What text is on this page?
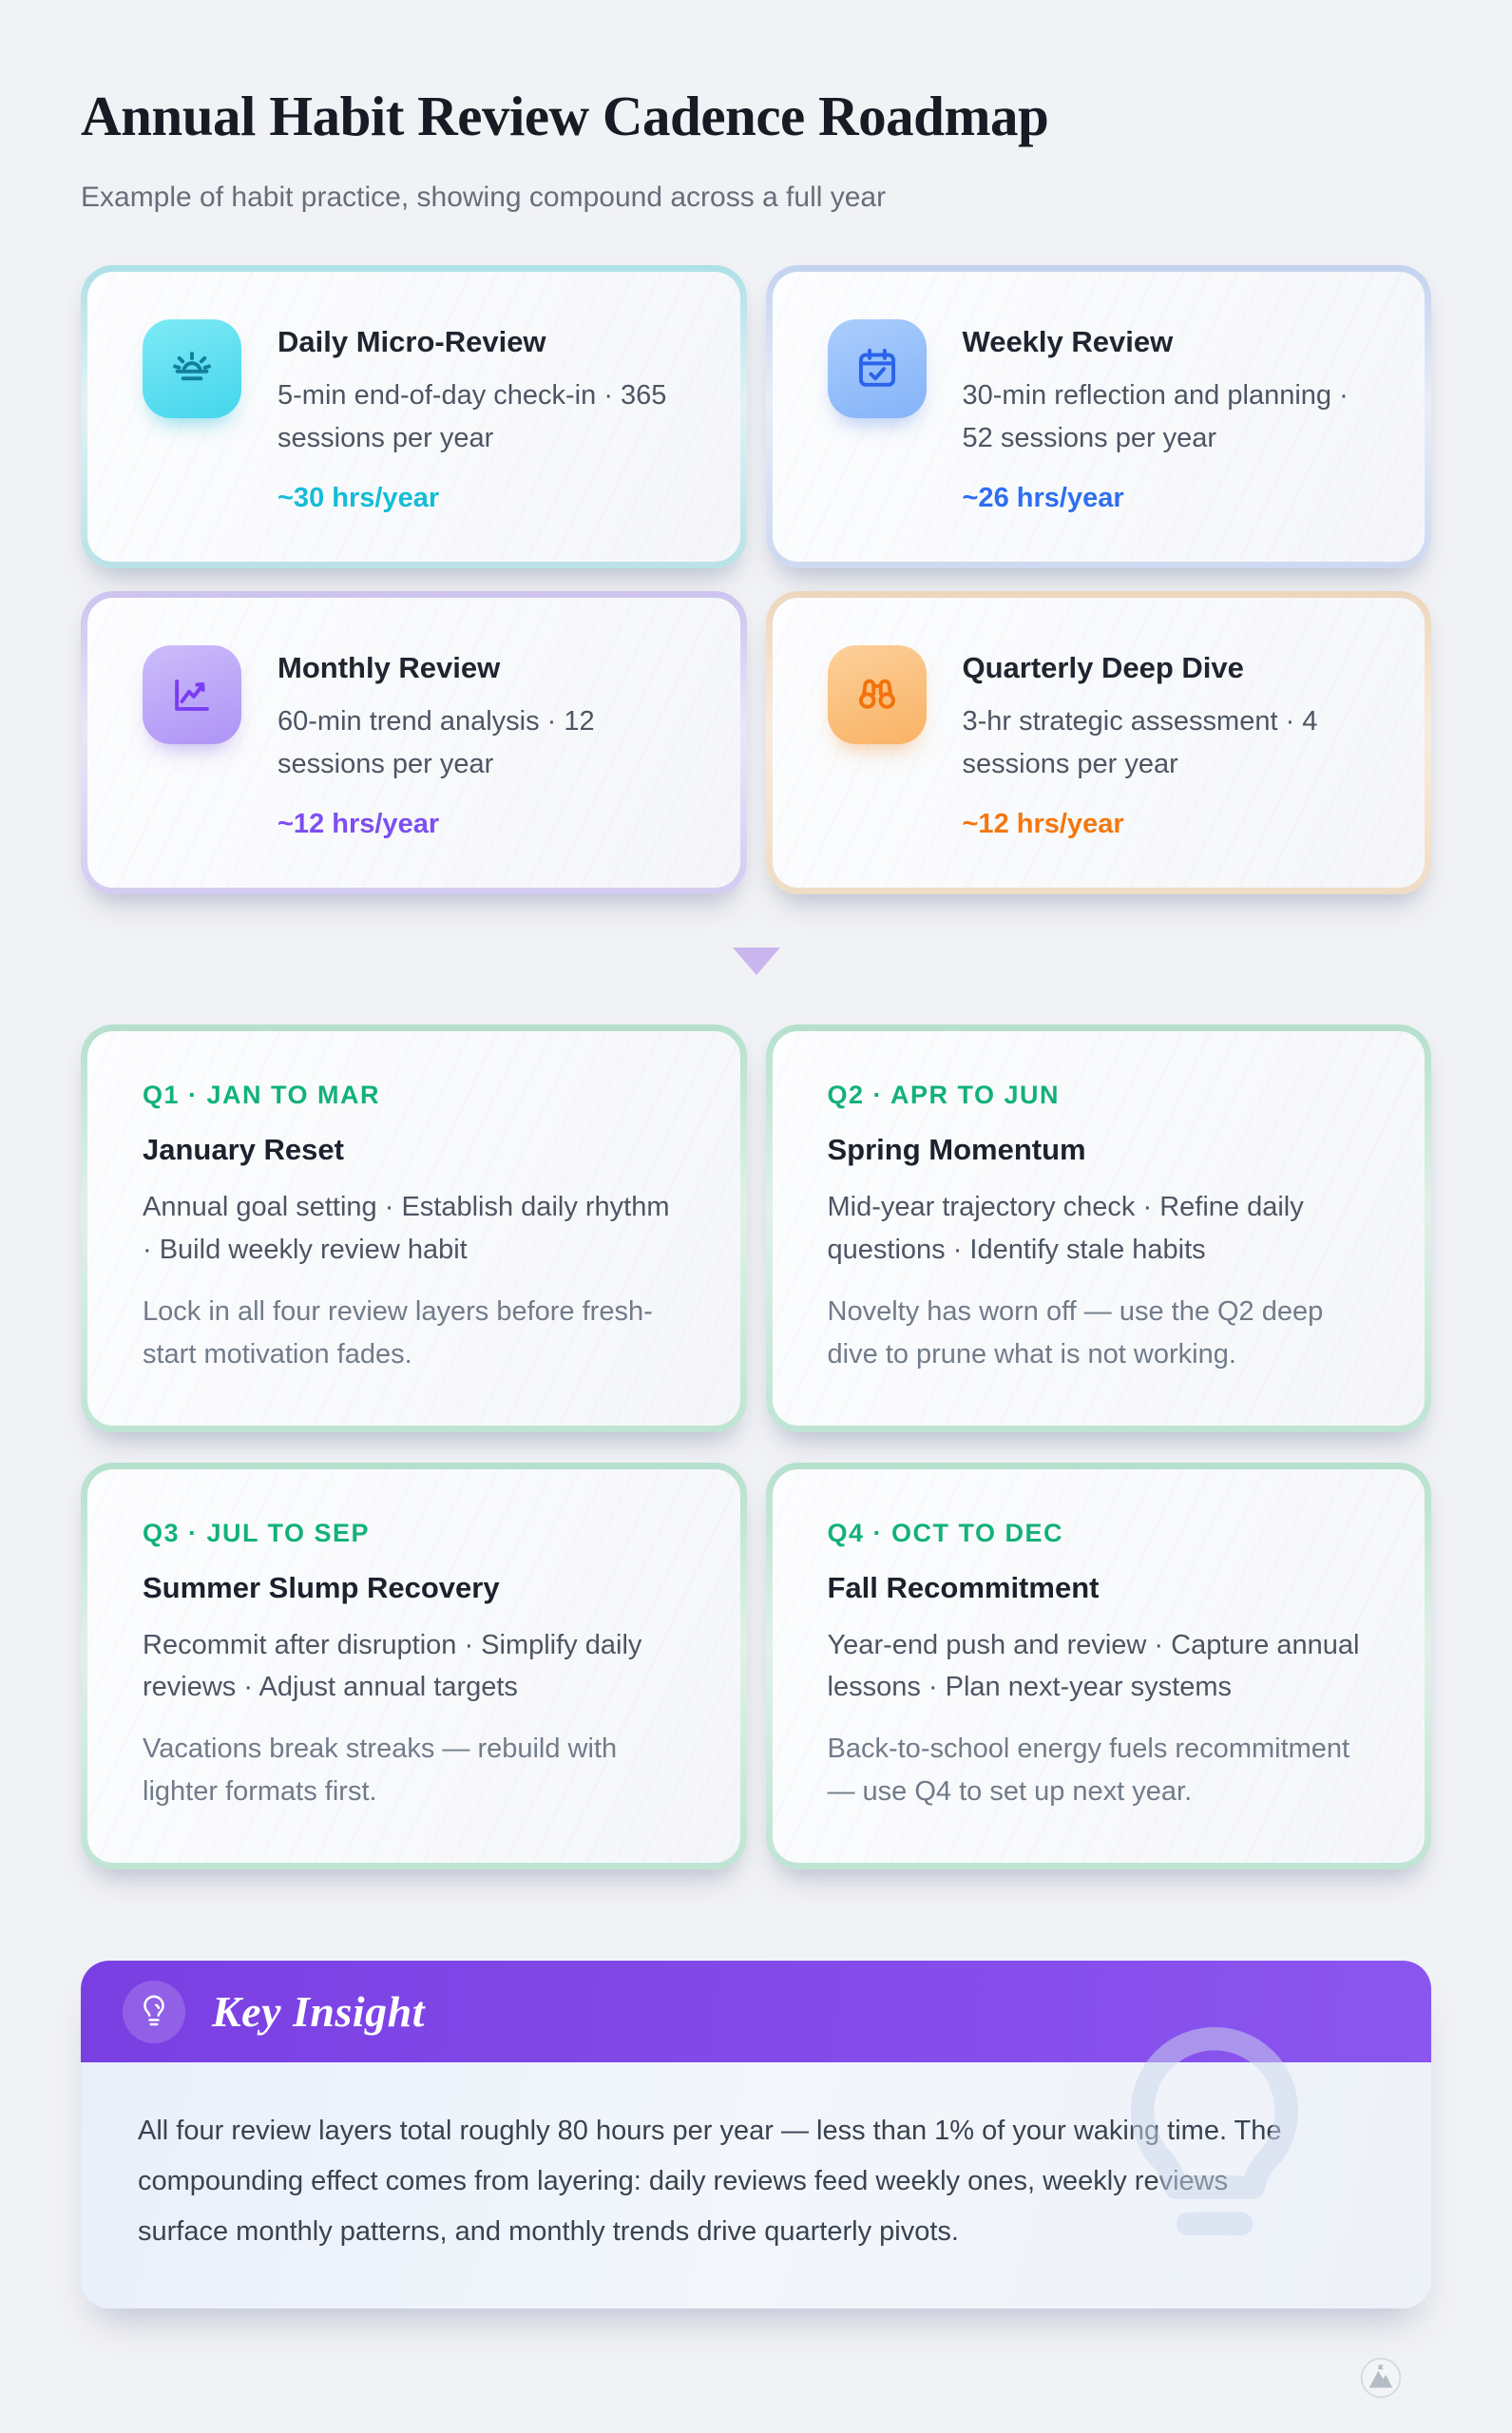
Annual Habit Review Cadence Roadmap

Example of habit practice, showing compound across a full year

Daily Micro-Review

5-min end-of-day check-in · 365 sessions per year

~30 hrs/year

Weekly Review

30-min reflection and planning · 52 sessions per year

~26 hrs/year

Monthly Review

60-min trend analysis · 12 sessions per year

~12 hrs/year

Quarterly Deep Dive

3-hr strategic assessment · 4 sessions per year

~12 hrs/year

Q1 · JAN TO MAR
January Reset

Annual goal setting · Establish daily rhythm · Build weekly review habit

Lock in all four review layers before fresh-start motivation fades.

Q2 · APR TO JUN
Spring Momentum

Mid-year trajectory check · Refine daily questions · Identify stale habits

Novelty has worn off — use the Q2 deep dive to prune what is not working.

Q3 · JUL TO SEP
Summer Slump Recovery

Recommit after disruption · Simplify daily reviews · Adjust annual targets

Vacations break streaks — rebuild with lighter formats first.

Q4 · OCT TO DEC
Fall Recommitment

Year-end push and review · Capture annual lessons · Plan next-year systems

Back-to-school energy fuels recommitment — use Q4 to set up next year.

Key Insight

All four review layers total roughly 80 hours per year — less than 1% of your waking time. The compounding effect comes from layering: daily reviews feed weekly ones, weekly reviews surface monthly patterns, and monthly trends drive quarterly pivots.
